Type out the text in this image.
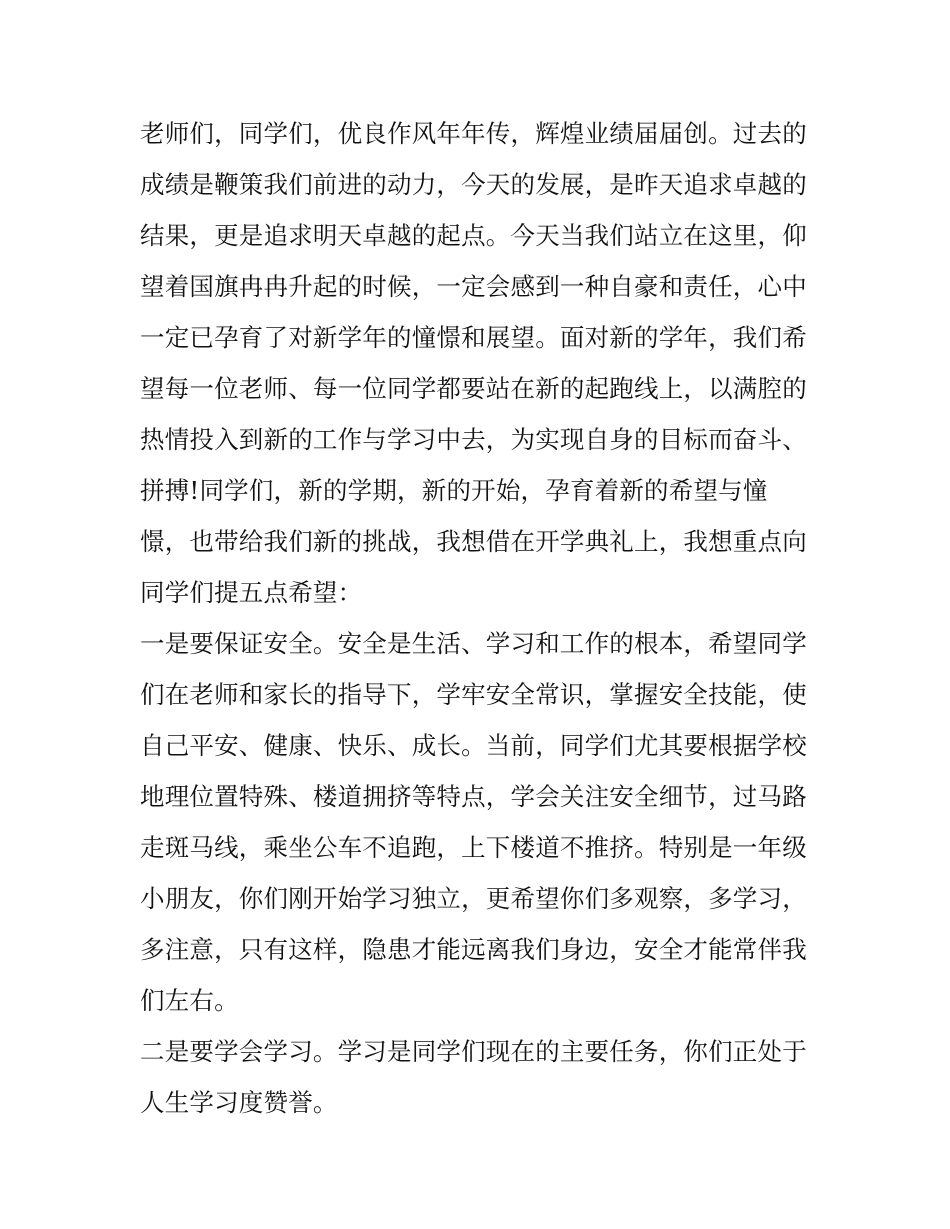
老师们，同学们，优良作风年年传，辉煌业绩届届创。过去的
成绩是鞭策我们前进的动力，今天的发展，是昨天追求卓越的
结果，更是追求明天卓越的起点。今天当我们站立在这里，仰
望着国旗冉冉升起的时候，一定会感到一种自豪和责任，心中
一定已孕育了对新学年的憧憬和展望。面对新的学年，我们希
望每一位老师、每一位同学都要站在新的起跑线上，以满腔的
热情投入到新的工作与学习中去，为实现自身的目标而奋斗、
拼搏!同学们，新的学期，新的开始，孕育着新的希望与憧
憬，也带给我们新的挑战，我想借在开学典礼上，我想重点向
同学们提五点希望：
一是要保证安全。安全是生活、学习和工作的根本，希望同学
们在老师和家长的指导下，学牢安全常识，掌握安全技能，使
自己平安、健康、快乐、成长。当前，同学们尤其要根据学校
地理位置特殊、楼道拥挤等特点，学会关注安全细节，过马路
走斑马线，乘坐公车不追跑，上下楼道不推挤。特别是一年级
小朋友，你们刚开始学习独立，更希望你们多观察，多学习，
多注意，只有这样，隐患才能远离我们身边，安全才能常伴我
们左右。
二是要学会学习。学习是同学们现在的主要任务，你们正处于
人生学习度赞誉。
